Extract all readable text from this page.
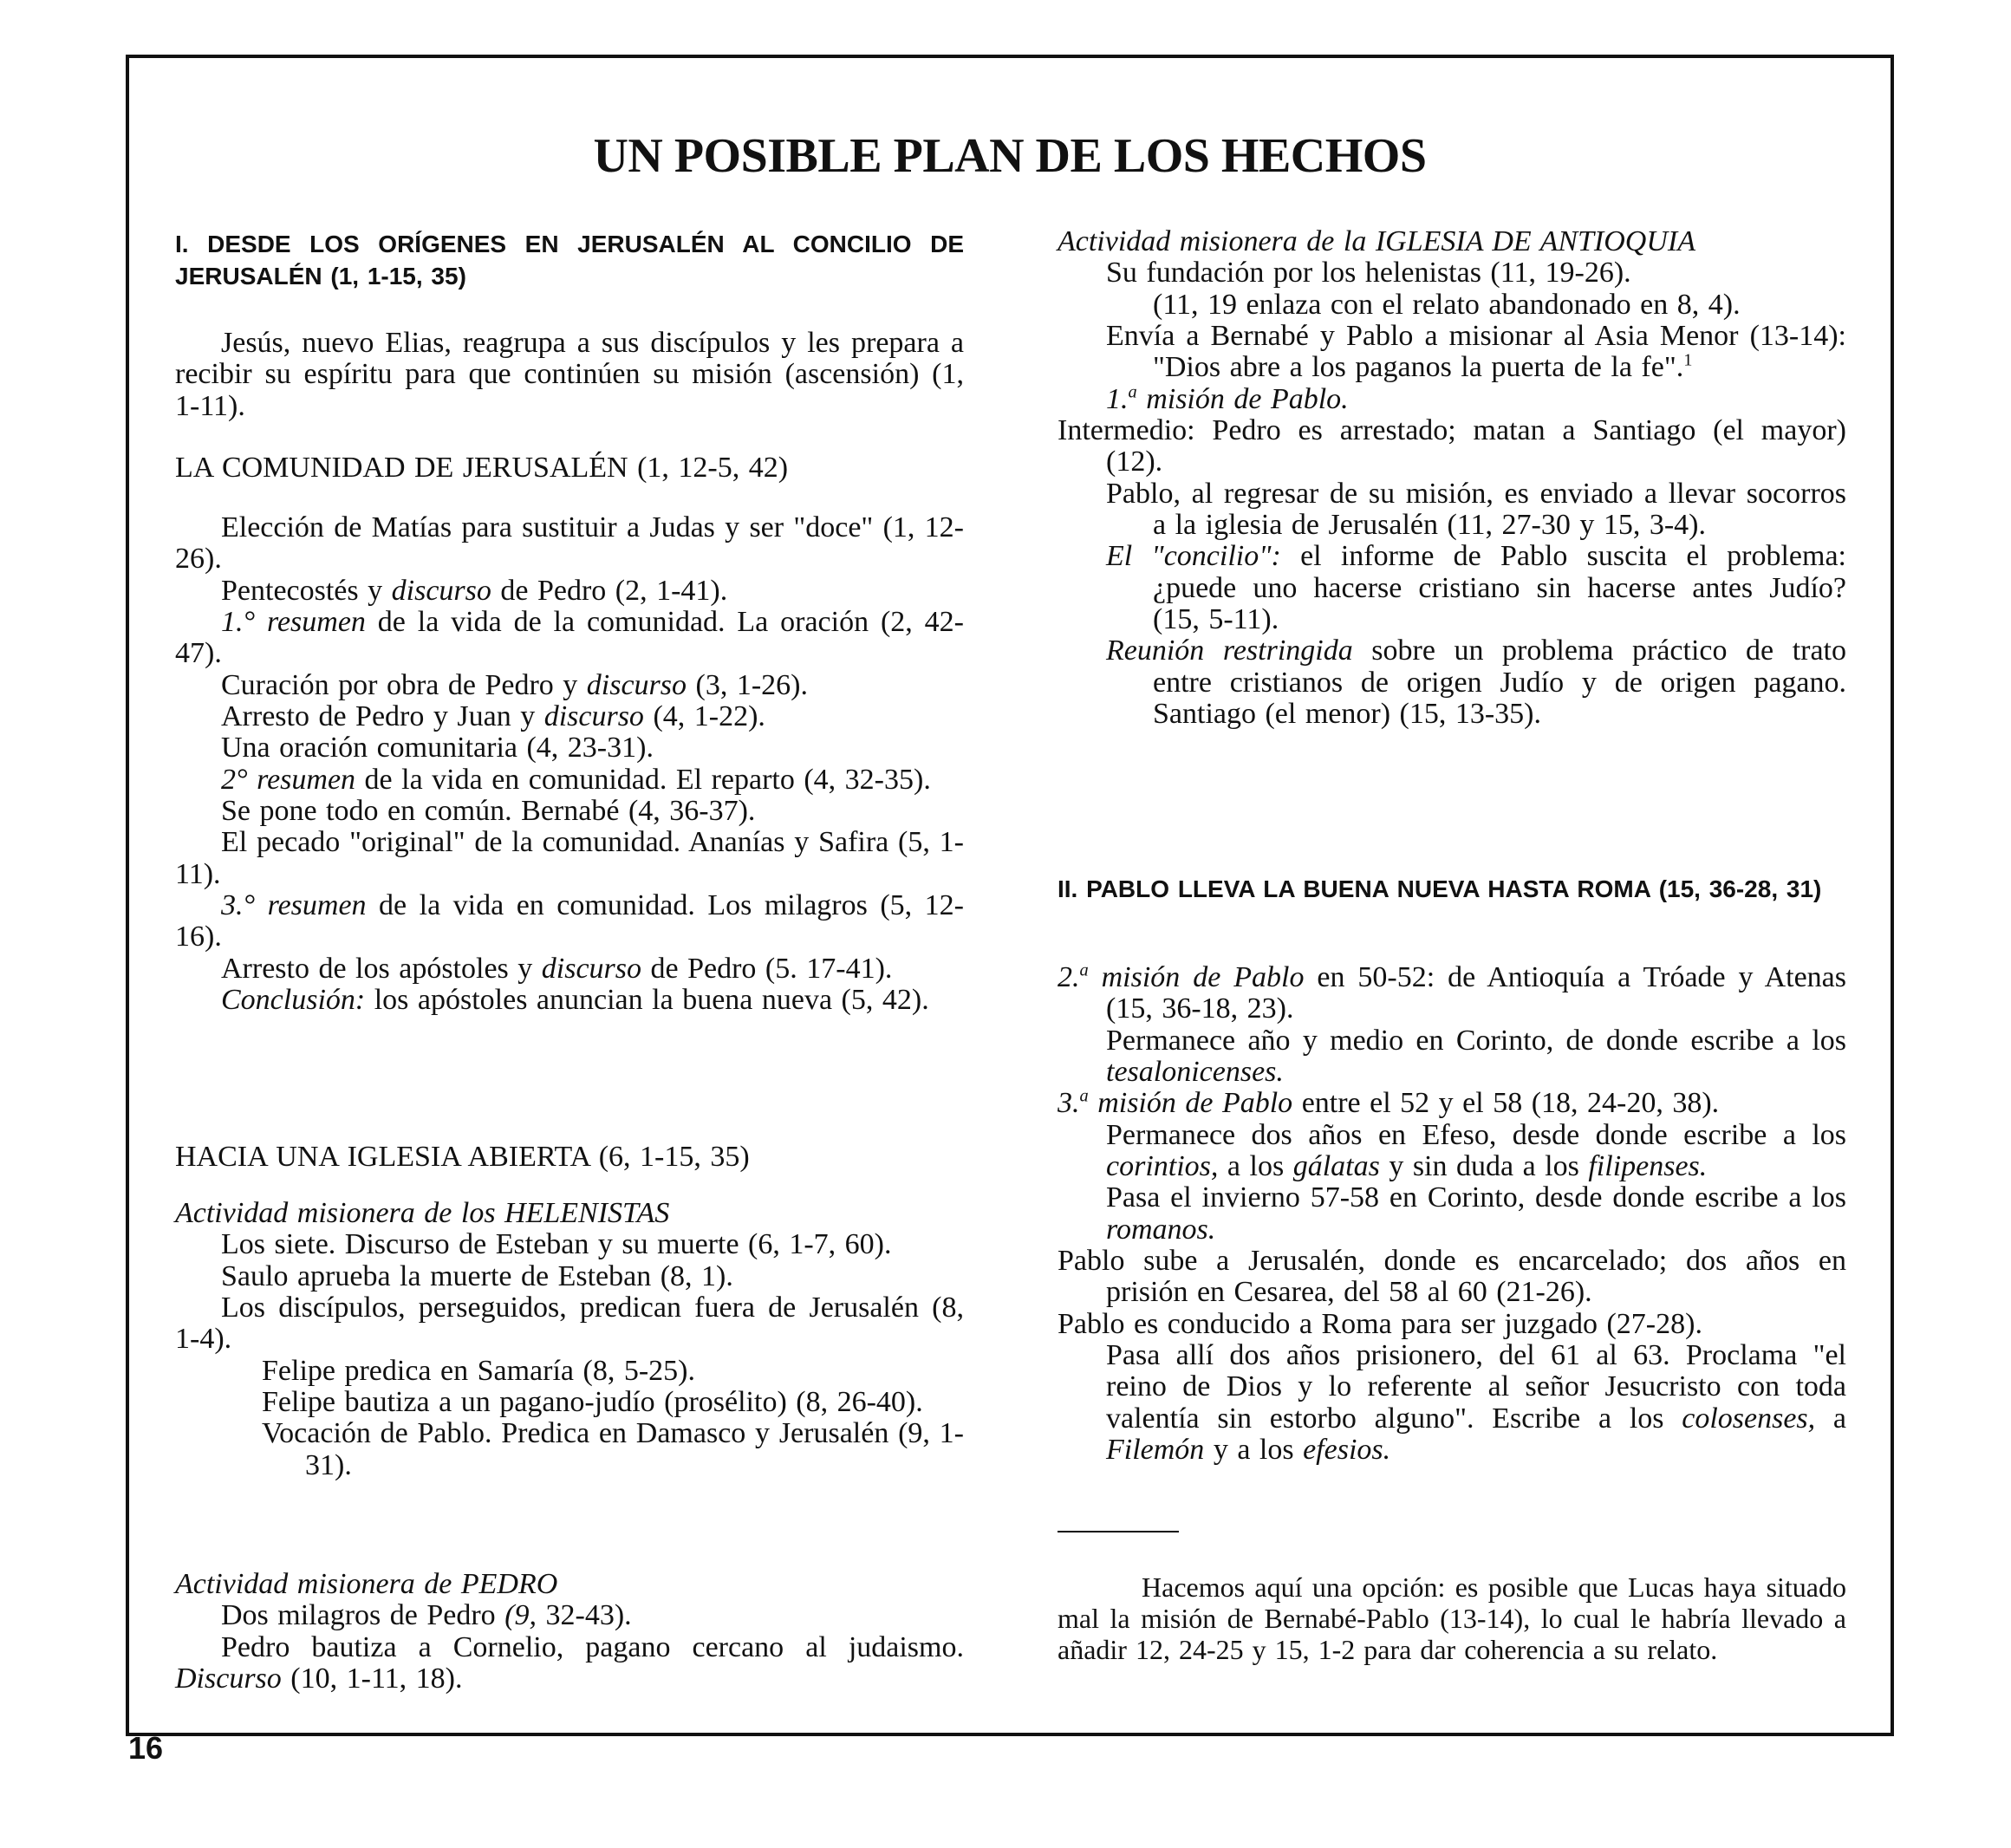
UN POSIBLE PLAN DE LOS HECHOS

I. DESDE LOS ORÍGENES EN JERUSALÉN AL CONCILIO DE JERUSALÉN (1, 1-15, 35)

Jesús, nuevo Elias, reagrupa a sus discípulos y les prepara a recibir su espíritu para que continúen su misión (ascensión) (1, 1-11).

LA COMUNIDAD DE JERUSALÉN (1, 12-5, 42)

Elección de Matías para sustituir a Judas y ser "doce" (1, 12-26).

Pentecostés y discurso de Pedro (2, 1-41).

1.° resumen de la vida de la comunidad. La oración (2, 42-47).

Curación por obra de Pedro y discurso (3, 1-26).

Arresto de Pedro y Juan y discurso (4, 1-22).

Una oración comunitaria (4, 23-31).

2° resumen de la vida en comunidad. El reparto (4, 32-35).

Se pone todo en común. Bernabé (4, 36-37).

El pecado "original" de la comunidad. Ananías y Safira (5, 1-11).

3.° resumen de la vida en comunidad. Los milagros (5, 12-16).

Arresto de los apóstoles y discurso de Pedro (5. 17-41).

Conclusión: los apóstoles anuncian la buena nueva (5, 42).

HACIA UNA IGLESIA ABIERTA (6, 1-15, 35)

Actividad misionera de los HELENISTAS

Los siete. Discurso de Esteban y su muerte (6, 1-7, 60).

Saulo aprueba la muerte de Esteban (8, 1).

Los discípulos, perseguidos, predican fuera de Jerusalén (8, 1-4).

Felipe predica en Samaría (8, 5-25).

Felipe bautiza a un pagano-judío (prosélito) (8, 26-40).

Vocación de Pablo. Predica en Damasco y Jerusalén (9, 1-31).

Actividad misionera de PEDRO

Dos milagros de Pedro (9, 32-43).

Pedro bautiza a Cornelio, pagano cercano al judaismo. Discurso (10, 1-11, 18).

Actividad misionera de la IGLESIA DE ANTIOQUIA

Su fundación por los helenistas (11, 19-26).

(11, 19 enlaza con el relato abandonado en 8, 4).

Envía a Bernabé y Pablo a misionar al Asia Menor (13-14): "Dios abre a los paganos la puerta de la fe".$^1$

1.$^a$ misión de Pablo.

Intermedio: Pedro es arrestado; matan a Santiago (el mayor) (12).

Pablo, al regresar de su misión, es enviado a llevar socorros a la iglesia de Jerusalén (11, 27-30 y 15, 3-4).

El "concilio": el informe de Pablo suscita el problema: ¿puede uno hacerse cristiano sin hacerse antes Judío? (15, 5-11).

Reunión restringida sobre un problema práctico de trato entre cristianos de origen Judío y de origen pagano. Santiago (el menor) (15, 13-35).

II. PABLO LLEVA LA BUENA NUEVA HASTA ROMA (15, 36-28, 31)

2.$^a$ misión de Pablo en 50-52: de Antioquía a Tróade y Atenas (15, 36-18, 23).

Permanece año y medio en Corinto, de donde escribe a los tesalonicenses.

3.$^a$ misión de Pablo entre el 52 y el 58 (18, 24-20, 38).

Permanece dos años en Efeso, desde donde escribe a los corintios, a los gálatas y sin duda a los filipenses.

Pasa el invierno 57-58 en Corinto, desde donde escribe a los romanos.

Pablo sube a Jerusalén, donde es encarcelado; dos años en prisión en Cesarea, del 58 al 60 (21-26).

Pablo es conducido a Roma para ser juzgado (27-28).

Pasa allí dos años prisionero, del 61 al 63. Proclama "el reino de Dios y lo referente al señor Jesucristo con toda valentía sin estorbo alguno". Escribe a los colosenses, a Filemón y a los efesios.

Hacemos aquí una opción: es posible que Lucas haya situado mal la misión de Bernabé-Pablo (13-14), lo cual le habría llevado a añadir 12, 24-25 y 15, 1-2 para dar coherencia a su relato.

16
